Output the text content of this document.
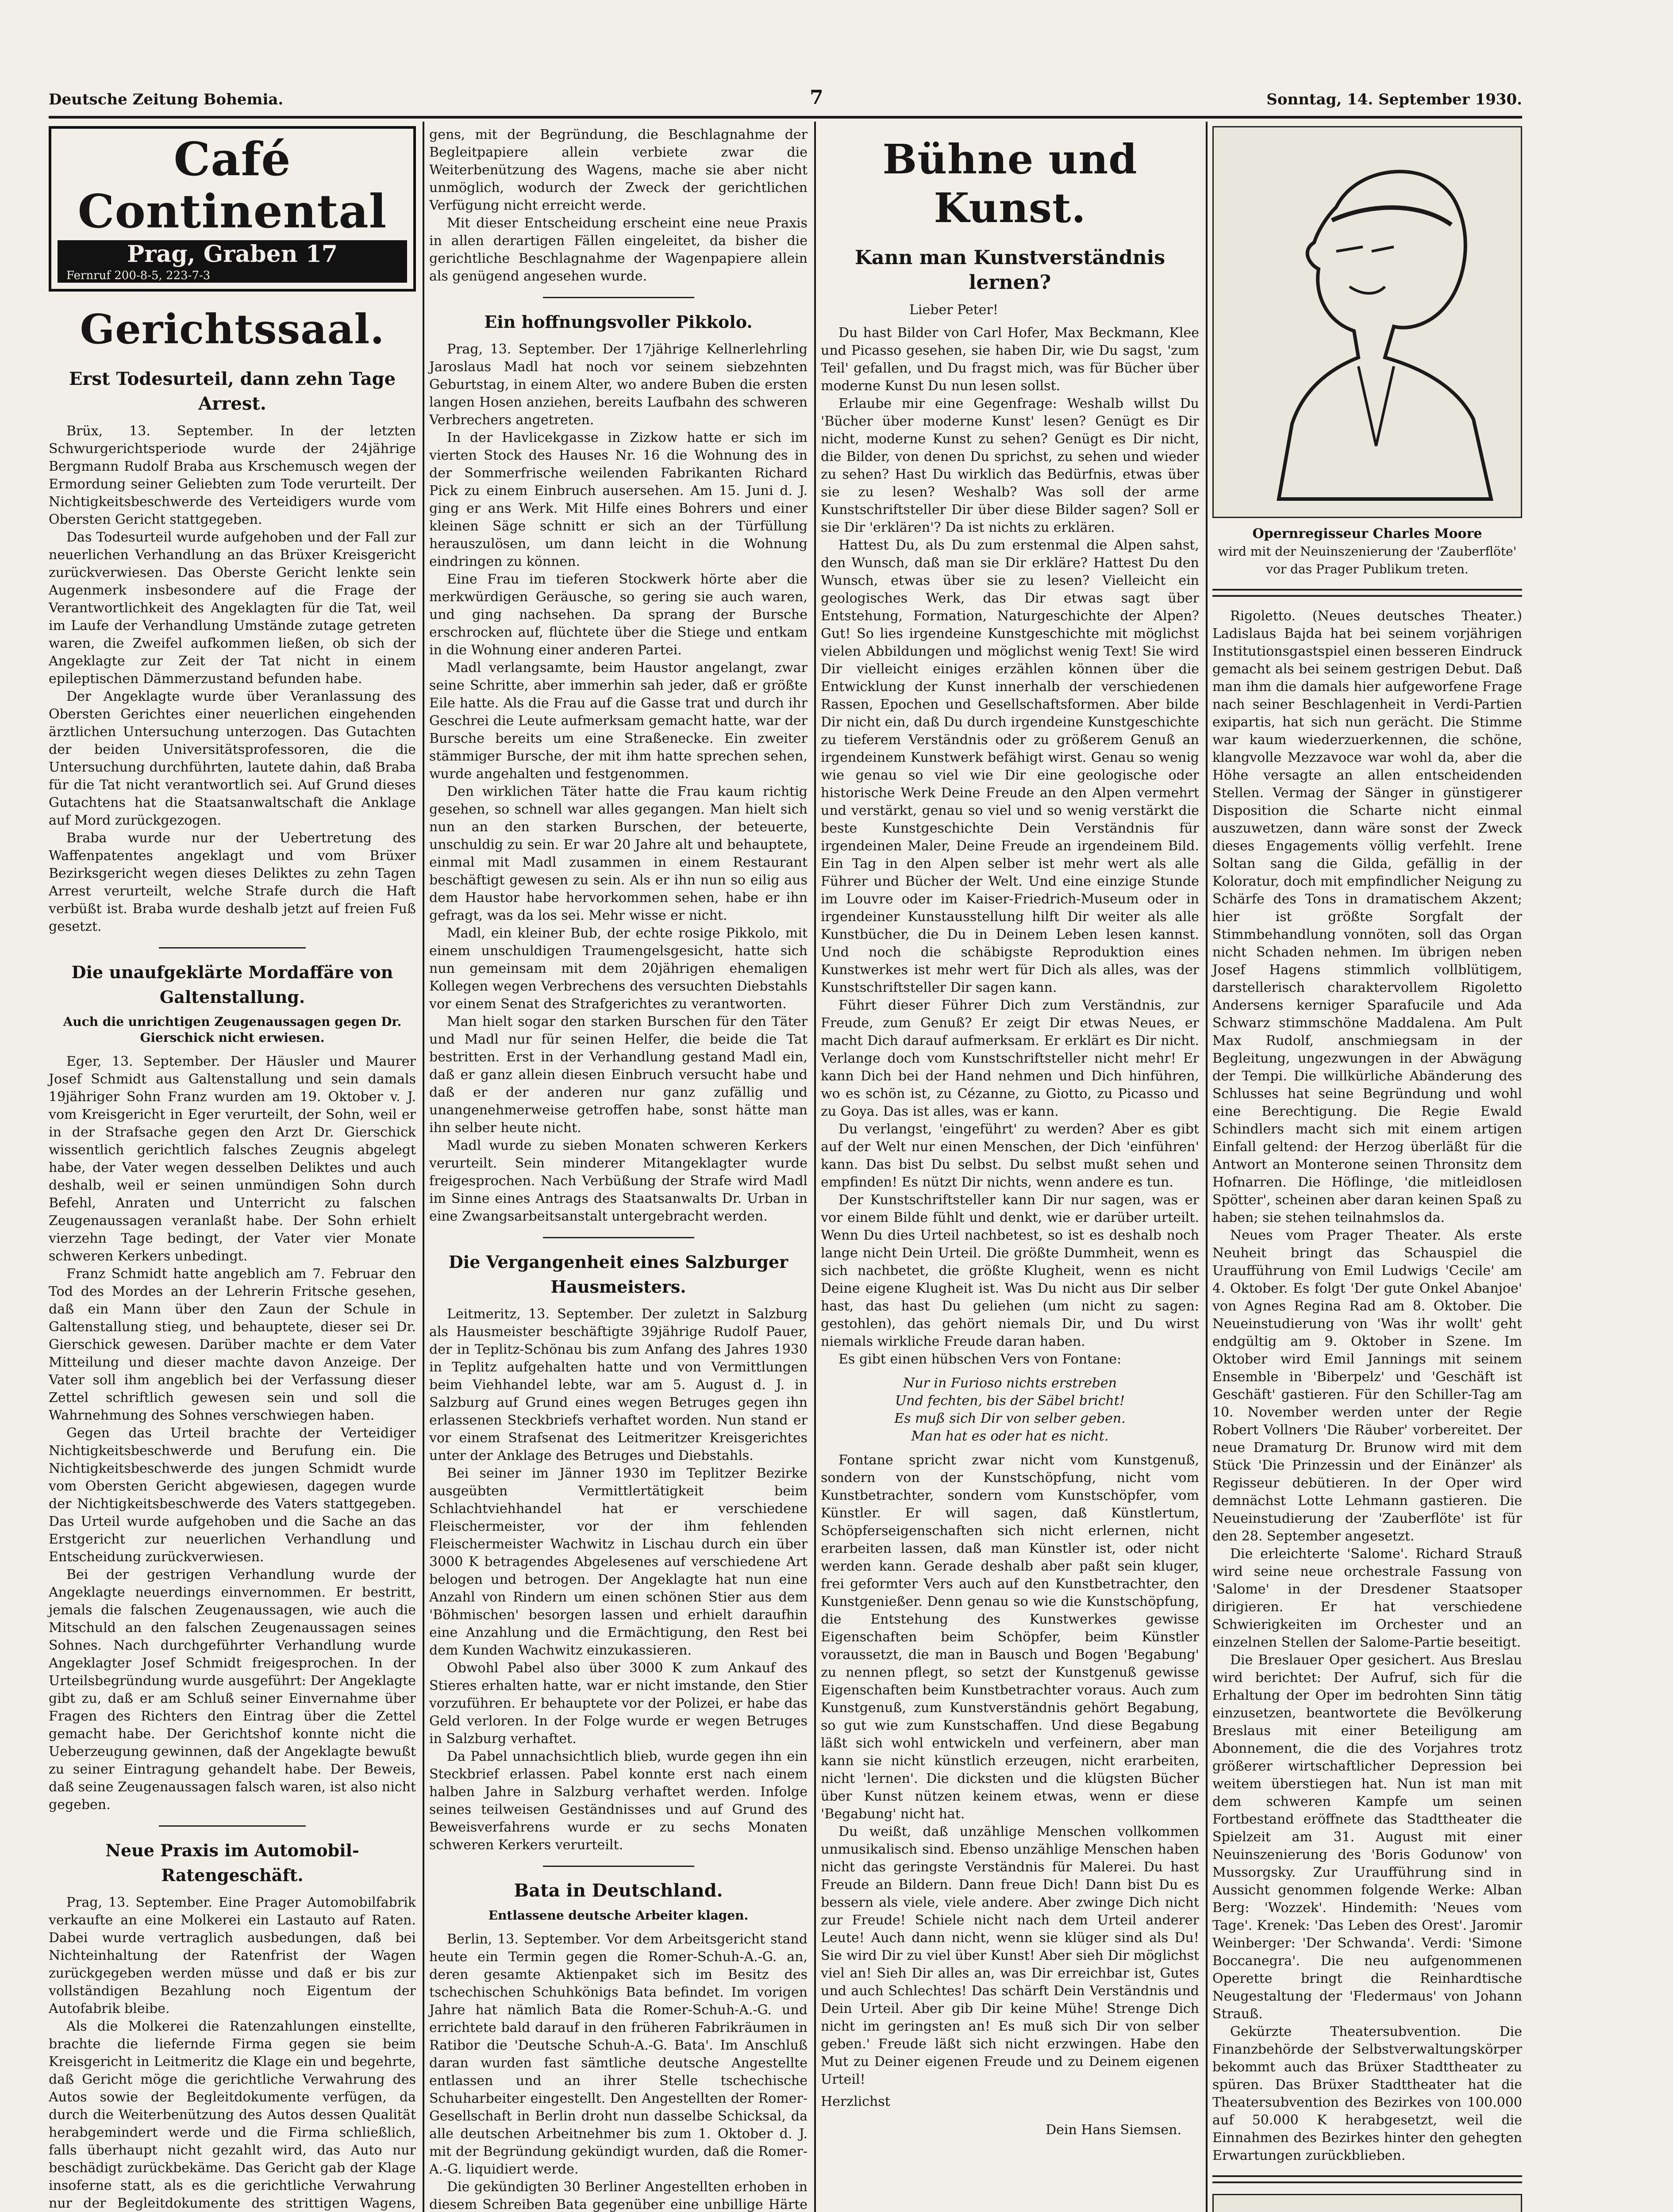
Deutsche Zeitung Bohemia.	7	Sonntag, 14. September 1930.
Café Continental
Prag, Graben 17
Fernruf 200-8-5, 223-7-3
Gerichtssaal.
Erst Todesurteil, dann zehn Tage Arrest.

Brüx, 13. September. In der letzten Schwurgerichtsperiode wurde der 24jährige Bergmann Rudolf Braba aus Krschemusch wegen der Ermordung seiner Geliebten zum Tode verurteilt. Der Nichtigkeitsbeschwerde des Verteidigers wurde vom Obersten Gericht stattgegeben.

Das Todesurteil wurde aufgehoben und der Fall zur neuerlichen Verhandlung an das Brüxer Kreisgericht zurückverwiesen. Das Oberste Gericht lenkte sein Augenmerk insbesondere auf die Frage der Verantwortlichkeit des Angeklagten für die Tat, weil im Laufe der Verhandlung Umstände zutage getreten waren, die Zweifel aufkommen ließen, ob sich der Angeklagte zur Zeit der Tat nicht in einem epileptischen Dämmerzustand befunden habe.

Der Angeklagte wurde über Veranlassung des Obersten Gerichtes einer neuerlichen eingehenden ärztlichen Untersuchung unterzogen. Das Gutachten der beiden Universitätsprofessoren, die die Untersuchung durchführten, lautete dahin, daß Braba für die Tat nicht verantwortlich sei. Auf Grund dieses Gutachtens hat die Staatsanwaltschaft die Anklage auf Mord zurückgezogen.

Braba wurde nur der Uebertretung des Waffenpatentes angeklagt und vom Brüxer Bezirksgericht wegen dieses Deliktes zu zehn Tagen Arrest verurteilt, welche Strafe durch die Haft verbüßt ist. Braba wurde deshalb jetzt auf freien Fuß gesetzt.

Die unaufgeklärte Mordaffäre von Galtenstallung.
Auch die unrichtigen Zeugenaussagen gegen Dr. Gierschick nicht erwiesen.

Eger, 13. September. Der Häusler und Maurer Josef Schmidt aus Galtenstallung und sein damals 19jähriger Sohn Franz wurden am 19. Oktober v. J. vom Kreisgericht in Eger verurteilt, der Sohn, weil er in der Strafsache gegen den Arzt Dr. Gierschick wissentlich gerichtlich falsches Zeugnis abgelegt habe, der Vater wegen desselben Deliktes und auch deshalb, weil er seinen unmündigen Sohn durch Befehl, Anraten und Unterricht zu falschen Zeugenaussagen veranlaßt habe. Der Sohn erhielt vierzehn Tage bedingt, der Vater vier Monate schweren Kerkers unbedingt.

Franz Schmidt hatte angeblich am 7. Februar den Tod des Mordes an der Lehrerin Fritsche gesehen, daß ein Mann über den Zaun der Schule in Galtenstallung stieg, und behauptete, dieser sei Dr. Gierschick gewesen. Darüber machte er dem Vater Mitteilung und dieser machte davon Anzeige. Der Vater soll ihm angeblich bei der Verfassung dieser Zettel schriftlich gewesen sein und soll die Wahrnehmung des Sohnes verschwiegen haben.

Gegen das Urteil brachte der Verteidiger Nichtigkeitsbeschwerde und Berufung ein. Die Nichtigkeitsbeschwerde des jungen Schmidt wurde vom Obersten Gericht abgewiesen, dagegen wurde der Nichtigkeitsbeschwerde des Vaters stattgegeben. Das Urteil wurde aufgehoben und die Sache an das Erstgericht zur neuerlichen Verhandlung und Entscheidung zurückverwiesen.

Bei der gestrigen Verhandlung wurde der Angeklagte neuerdings einvernommen. Er bestritt, jemals die falschen Zeugenaussagen, wie auch die Mitschuld an den falschen Zeugenaussagen seines Sohnes. Nach durchgeführter Verhandlung wurde Angeklagter Josef Schmidt freigesprochen. In der Urteilsbegründung wurde ausgeführt: Der Angeklagte gibt zu, daß er am Schluß seiner Einvernahme über Fragen des Richters den Eintrag über die Zettel gemacht habe. Der Gerichtshof konnte nicht die Ueberzeugung gewinnen, daß der Angeklagte bewußt zu seiner Eintragung gehandelt habe. Der Beweis, daß seine Zeugenaussagen falsch waren, ist also nicht gegeben.

Neue Praxis im Automobil-Ratengeschäft.

Prag, 13. September. Eine Prager Automobilfabrik verkaufte an eine Molkerei ein Lastauto auf Raten. Dabei wurde vertraglich ausbedungen, daß bei Nichteinhaltung der Ratenfrist der Wagen zurückgegeben werden müsse und daß er bis zur vollständigen Bezahlung noch Eigentum der Autofabrik bleibe.

Als die Molkerei die Ratenzahlungen einstellte, brachte die liefernde Firma gegen sie beim Kreisgericht in Leitmeritz die Klage ein und begehrte, daß Gericht möge die gerichtliche Verwahrung des Autos sowie der Begleitdokumente verfügen, da durch die Weiterbenützung des Autos dessen Qualität herabgemindert werde und die Firma schließlich, falls überhaupt nicht gezahlt wird, das Auto nur beschädigt zurückbekäme. Das Gericht gab der Klage insoferne statt, als es die gerichtliche Verwahrung nur der Begleitdokumente des strittigen Wagens,

gens, mit der Begründung, die Beschlagnahme der Begleitpapiere allein verbiete zwar die Weiterbenützung des Wagens, mache sie aber nicht unmöglich, wodurch der Zweck der gerichtlichen Verfügung nicht erreicht werde.

Mit dieser Entscheidung erscheint eine neue Praxis in allen derartigen Fällen eingeleitet, da bisher die gerichtliche Beschlagnahme der Wagenpapiere allein als genügend angesehen wurde.

Ein hoffnungsvoller Pikkolo.

Prag, 13. September. Der 17jährige Kellnerlehrling Jaroslaus Madl hat noch vor seinem siebzehnten Geburtstag, in einem Alter, wo andere Buben die ersten langen Hosen anziehen, bereits Laufbahn des schweren Verbrechers angetreten.

In der Havlicekgasse in Zizkow hatte er sich im vierten Stock des Hauses Nr. 16 die Wohnung des in der Sommerfrische weilenden Fabrikanten Richard Pick zu einem Einbruch ausersehen. Am 15. Juni d. J. ging er ans Werk. Mit Hilfe eines Bohrers und einer kleinen Säge schnitt er sich an der Türfüllung herauszulösen, um dann leicht in die Wohnung eindringen zu können.

Eine Frau im tieferen Stockwerk hörte aber die merkwürdigen Geräusche, so gering sie auch waren, und ging nachsehen. Da sprang der Bursche erschrocken auf, flüchtete über die Stiege und entkam in die Wohnung einer anderen Partei.

Madl verlangsamte, beim Haustor angelangt, zwar seine Schritte, aber immerhin sah jeder, daß er größte Eile hatte. Als die Frau auf die Gasse trat und durch ihr Geschrei die Leute aufmerksam gemacht hatte, war der Bursche bereits um eine Straßenecke. Ein zweiter stämmiger Bursche, der mit ihm hatte sprechen sehen, wurde angehalten und festgenommen.

Den wirklichen Täter hatte die Frau kaum richtig gesehen, so schnell war alles gegangen. Man hielt sich nun an den starken Burschen, der beteuerte, unschuldig zu sein. Er war 20 Jahre alt und behauptete, einmal mit Madl zusammen in einem Restaurant beschäftigt gewesen zu sein. Als er ihn nun so eilig aus dem Haustor habe hervorkommen sehen, habe er ihn gefragt, was da los sei. Mehr wisse er nicht.

Madl, ein kleiner Bub, der echte rosige Pikkolo, mit einem unschuldigen Traumengelsgesicht, hatte sich nun gemeinsam mit dem 20jährigen ehemaligen Kollegen wegen Verbrechens des versuchten Diebstahls vor einem Senat des Strafgerichtes zu verantworten.

Man hielt sogar den starken Burschen für den Täter und Madl nur für seinen Helfer, die beide die Tat bestritten. Erst in der Verhandlung gestand Madl ein, daß er ganz allein diesen Einbruch versucht habe und daß er der anderen nur ganz zufällig und unangenehmerweise getroffen habe, sonst hätte man ihn selber heute nicht.

Madl wurde zu sieben Monaten schweren Kerkers verurteilt. Sein minderer Mitangeklagter wurde freigesprochen. Nach Verbüßung der Strafe wird Madl im Sinne eines Antrags des Staatsanwalts Dr. Urban in eine Zwangsarbeitsanstalt untergebracht werden.

Die Vergangenheit eines Salzburger Hausmeisters.

Leitmeritz, 13. September. Der zuletzt in Salzburg als Hausmeister beschäftigte 39jährige Rudolf Pauer, der in Teplitz-Schönau bis zum Anfang des Jahres 1930 in Teplitz aufgehalten hatte und von Vermittlungen beim Viehhandel lebte, war am 5. August d. J. in Salzburg auf Grund eines wegen Betruges gegen ihn erlassenen Steckbriefs verhaftet worden. Nun stand er vor einem Strafsenat des Leitmeritzer Kreisgerichtes unter der Anklage des Betruges und Diebstahls.

Bei seiner im Jänner 1930 im Teplitzer Bezirke ausgeübten Vermittlertätigkeit beim Schlachtviehhandel hat er verschiedene Fleischermeister, vor der ihm fehlenden Fleischermeister Wachwitz in Lischau durch ein über 3000 K betragendes Abgelesenes auf verschiedene Art belogen und betrogen. Der Angeklagte hat nun eine Anzahl von Rindern um einen schönen Stier aus dem 'Böhmischen' besorgen lassen und erhielt daraufhin eine Anzahlung und die Ermächtigung, den Rest bei dem Kunden Wachwitz einzukassieren.

Obwohl Pabel also über 3000 K zum Ankauf des Stieres erhalten hatte, war er nicht imstande, den Stier vorzuführen. Er behauptete vor der Polizei, er habe das Geld verloren. In der Folge wurde er wegen Betruges in Salzburg verhaftet.

Da Pabel unnachsichtlich blieb, wurde gegen ihn ein Steckbrief erlassen. Pabel konnte erst nach einem halben Jahre in Salzburg verhaftet werden. Infolge seines teilweisen Geständnisses und auf Grund des Beweisverfahrens wurde er zu sechs Monaten schweren Kerkers verurteilt.

Bata in Deutschland.
Entlassene deutsche Arbeiter klagen.

Berlin, 13. September. Vor dem Arbeitsgericht stand heute ein Termin gegen die Romer-Schuh-A.-G. an, deren gesamte Aktienpaket sich im Besitz des tschechischen Schuhkönigs Bata befindet. Im vorigen Jahre hat nämlich Bata die Romer-Schuh-A.-G. und errichtete bald darauf in den früheren Fabrikräumen in Ratibor die 'Deutsche Schuh-A.-G. Bata'. Im Anschluß daran wurden fast sämtliche deutsche Angestellte entlassen und an ihrer Stelle tschechische Schuharbeiter eingestellt. Den Angestellten der Romer-Gesellschaft in Berlin droht nun dasselbe Schicksal, da alle deutschen Arbeitnehmer bis zum 1. Oktober d. J. mit der Begründung gekündigt wurden, daß die Romer-A.-G. liquidiert werde.

Die gekündigten 30 Berliner Angestellten erhoben in diesem Schreiben Bata gegenüber eine unbillige Härte

Bühne und Kunst.
Kann man Kunstverständnis lernen?

Lieber Peter!

Du hast Bilder von Carl Hofer, Max Beckmann, Klee und Picasso gesehen, sie haben Dir, wie Du sagst, 'zum Teil' gefallen, und Du fragst mich, was für Bücher über moderne Kunst Du nun lesen sollst.

Erlaube mir eine Gegenfrage: Weshalb willst Du 'Bücher über moderne Kunst' lesen? Genügt es Dir nicht, moderne Kunst zu sehen? Genügt es Dir nicht, die Bilder, von denen Du sprichst, zu sehen und wieder zu sehen? Hast Du wirklich das Bedürfnis, etwas über sie zu lesen? Weshalb? Was soll der arme Kunstschriftsteller Dir über diese Bilder sagen? Soll er sie Dir 'erklären'? Da ist nichts zu erklären.

Hattest Du, als Du zum erstenmal die Alpen sahst, den Wunsch, daß man sie Dir erkläre? Hattest Du den Wunsch, etwas über sie zu lesen? Vielleicht ein geologisches Werk, das Dir etwas sagt über Entstehung, Formation, Naturgeschichte der Alpen? Gut! So lies irgendeine Kunstgeschichte mit möglichst vielen Abbildungen und möglichst wenig Text! Sie wird Dir vielleicht einiges erzählen können über die Entwicklung der Kunst innerhalb der verschiedenen Rassen, Epochen und Gesellschaftsformen. Aber bilde Dir nicht ein, daß Du durch irgendeine Kunstgeschichte zu tieferem Verständnis oder zu größerem Genuß an irgendeinem Kunstwerk befähigt wirst. Genau so wenig wie genau so viel wie Dir eine geologische oder historische Werk Deine Freude an den Alpen vermehrt und verstärkt, genau so viel und so wenig verstärkt die beste Kunstgeschichte Dein Verständnis für irgendeinen Maler, Deine Freude an irgendeinem Bild. Ein Tag in den Alpen selber ist mehr wert als alle Führer und Bücher der Welt. Und eine einzige Stunde im Louvre oder im Kaiser-Friedrich-Museum oder in irgendeiner Kunstausstellung hilft Dir weiter als alle Kunstbücher, die Du in Deinem Leben lesen kannst. Und noch die schäbigste Reproduktion eines Kunstwerkes ist mehr wert für Dich als alles, was der Kunstschriftsteller Dir sagen kann.

Führt dieser Führer Dich zum Verständnis, zur Freude, zum Genuß? Er zeigt Dir etwas Neues, er macht Dich darauf aufmerksam. Er erklärt es Dir nicht. Verlange doch vom Kunstschriftsteller nicht mehr! Er kann Dich bei der Hand nehmen und Dich hinführen, wo es schön ist, zu Cézanne, zu Giotto, zu Picasso und zu Goya. Das ist alles, was er kann.

Du verlangst, 'eingeführt' zu werden? Aber es gibt auf der Welt nur einen Menschen, der Dich 'einführen' kann. Das bist Du selbst. Du selbst mußt sehen und empfinden! Es nützt Dir nichts, wenn andere es tun.

Der Kunstschriftsteller kann Dir nur sagen, was er vor einem Bilde fühlt und denkt, wie er darüber urteilt. Wenn Du dies Urteil nachbetest, so ist es deshalb noch lange nicht Dein Urteil. Die größte Dummheit, wenn es sich nachbetet, die größte Klugheit, wenn es nicht Deine eigene Klugheit ist. Was Du nicht aus Dir selber hast, das hast Du geliehen (um nicht zu sagen: gestohlen), das gehört niemals Dir, und Du wirst niemals wirkliche Freude daran haben.

Es gibt einen hübschen Vers von Fontane:

Nur in Furioso nichts erstreben
Und fechten, bis der Säbel bricht!
Es muß sich Dir von selber geben.
Man hat es oder hat es nicht.

Fontane spricht zwar nicht vom Kunstgenuß, sondern von der Kunstschöpfung, nicht vom Kunstbetrachter, sondern vom Kunstschöpfer, vom Künstler. Er will sagen, daß Künstlertum, Schöpferseigenschaften sich nicht erlernen, nicht erarbeiten lassen, daß man Künstler ist, oder nicht werden kann. Gerade deshalb aber paßt sein kluger, frei geformter Vers auch auf den Kunstbetrachter, den Kunstgenießer. Denn genau so wie die Kunstschöpfung, die Entstehung des Kunstwerkes gewisse Eigenschaften beim Schöpfer, beim Künstler voraussetzt, die man in Bausch und Bogen 'Begabung' zu nennen pflegt, so setzt der Kunstgenuß gewisse Eigenschaften beim Kunstbetrachter voraus. Auch zum Kunstgenuß, zum Kunstverständnis gehört Begabung, so gut wie zum Kunstschaffen. Und diese Begabung läßt sich wohl entwickeln und verfeinern, aber man kann sie nicht künstlich erzeugen, nicht erarbeiten, nicht 'lernen'. Die dicksten und die klügsten Bücher über Kunst nützen keinem etwas, wenn er diese 'Begabung' nicht hat.

Du weißt, daß unzählige Menschen vollkommen unmusikalisch sind. Ebenso unzählige Menschen haben nicht das geringste Verständnis für Malerei. Du hast Freude an Bildern. Dann freue Dich! Dann bist Du es bessern als viele, viele andere. Aber zwinge Dich nicht zur Freude! Schiele nicht nach dem Urteil anderer Leute! Auch dann nicht, wenn sie klüger sind als Du! Sie wird Dir zu viel über Kunst! Aber sieh Dir möglichst viel an! Sieh Dir alles an, was Dir erreichbar ist, Gutes und auch Schlechtes! Das schärft Dein Verständnis und Dein Urteil. Aber gib Dir keine Mühe! Strenge Dich nicht im geringsten an! Es muß sich Dir von selber geben.' Freude läßt sich nicht erzwingen. Habe den Mut zu Deiner eigenen Freude und zu Deinem eigenen Urteil!

Herzlichst

Dein Hans Siemsen.
Opernregisseur Charles Moore
wird mit der Neuinszenierung der 'Zauberflöte' vor das Prager Publikum treten.

Rigoletto. (Neues deutsches Theater.) Ladislaus Bajda hat bei seinem vorjährigen Institutionsgastspiel einen besseren Eindruck gemacht als bei seinem gestrigen Debut. Daß man ihm die damals hier aufgeworfene Frage nach seiner Beschlagenheit in Verdi-Partien exipartis, hat sich nun gerächt. Die Stimme war kaum wiederzuerkennen, die schöne, klangvolle Mezzavoce war wohl da, aber die Höhe versagte an allen entscheidenden Stellen. Vermag der Sänger in günstigerer Disposition die Scharte nicht einmal auszuwetzen, dann wäre sonst der Zweck dieses Engagements völlig verfehlt. Irene Soltan sang die Gilda, gefällig in der Koloratur, doch mit empfindlicher Neigung zu Schärfe des Tons in dramatischem Akzent; hier ist größte Sorgfalt der Stimmbehandlung vonnöten, soll das Organ nicht Schaden nehmen. Im übrigen neben Josef Hagens stimmlich vollblütigem, darstellerisch charaktervollem Rigoletto Andersens kerniger Sparafucile und Ada Schwarz stimmschöne Maddalena. Am Pult Max Rudolf, anschmiegsam in der Begleitung, ungezwungen in der Abwägung der Tempi. Die willkürliche Abänderung des Schlusses hat seine Begründung und wohl eine Berechtigung. Die Regie Ewald Schindlers macht sich mit einem artigen Einfall geltend: der Herzog überläßt für die Antwort an Monterone seinen Thronsitz dem Hofnarren. Die Höflinge, 'die mitleidlosen Spötter', scheinen aber daran keinen Spaß zu haben; sie stehen teilnahmslos da.

Neues vom Prager Theater. Als erste Neuheit bringt das Schauspiel die Uraufführung von Emil Ludwigs 'Cecile' am 4. Oktober. Es folgt 'Der gute Onkel Abanjoe' von Agnes Regina Rad am 8. Oktober. Die Neueinstudierung von 'Was ihr wollt' geht endgültig am 9. Oktober in Szene. Im Oktober wird Emil Jannings mit seinem Ensemble in 'Biberpelz' und 'Geschäft ist Geschäft' gastieren. Für den Schiller-Tag am 10. November werden unter der Regie Robert Vollners 'Die Räuber' vorbereitet. Der neue Dramaturg Dr. Brunow wird mit dem Stück 'Die Prinzessin und der Einänzer' als Regisseur debütieren. In der Oper wird demnächst Lotte Lehmann gastieren. Die Neueinstudierung der 'Zauberflöte' ist für den 28. September angesetzt.

Die erleichterte 'Salome'. Richard Strauß wird seine neue orchestrale Fassung von 'Salome' in der Dresdener Staatsoper dirigieren. Er hat verschiedene Schwierigkeiten im Orchester und an einzelnen Stellen der Salome-Partie beseitigt.

Die Breslauer Oper gesichert. Aus Breslau wird berichtet: Der Aufruf, sich für die Erhaltung der Oper im bedrohten Sinn tätig einzusetzen, beantwortete die Bevölkerung Breslaus mit einer Beteiligung am Abonnement, die die des Vorjahres trotz größerer wirtschaftlicher Depression bei weitem überstiegen hat. Nun ist man mit dem schweren Kampfe um seinen Fortbestand eröffnete das Stadttheater die Spielzeit am 31. August mit einer Neuinszenierung des 'Boris Godunow' von Mussorgsky. Zur Uraufführung sind in Aussicht genommen folgende Werke: Alban Berg: 'Wozzek'. Hindemith: 'Neues vom Tage'. Krenek: 'Das Leben des Orest'. Jaromir Weinberger: 'Der Schwanda'. Verdi: 'Simone Boccanegra'. Die neu aufgenommenen Operette bringt die Reinhardtische Neugestaltung der 'Fledermaus' von Johann Strauß.

Gekürzte Theatersubvention. Die Finanzbehörde der Selbstverwaltungskörper bekommt auch das Brüxer Stadttheater zu spüren. Das Brüxer Stadttheater hat die Theatersubvention des Bezirkes von 100.000 auf 50.000 K herabgesetzt, weil die Einnahmen des Bezirkes hinter den gehegten Erwartungen zurückblieben.
